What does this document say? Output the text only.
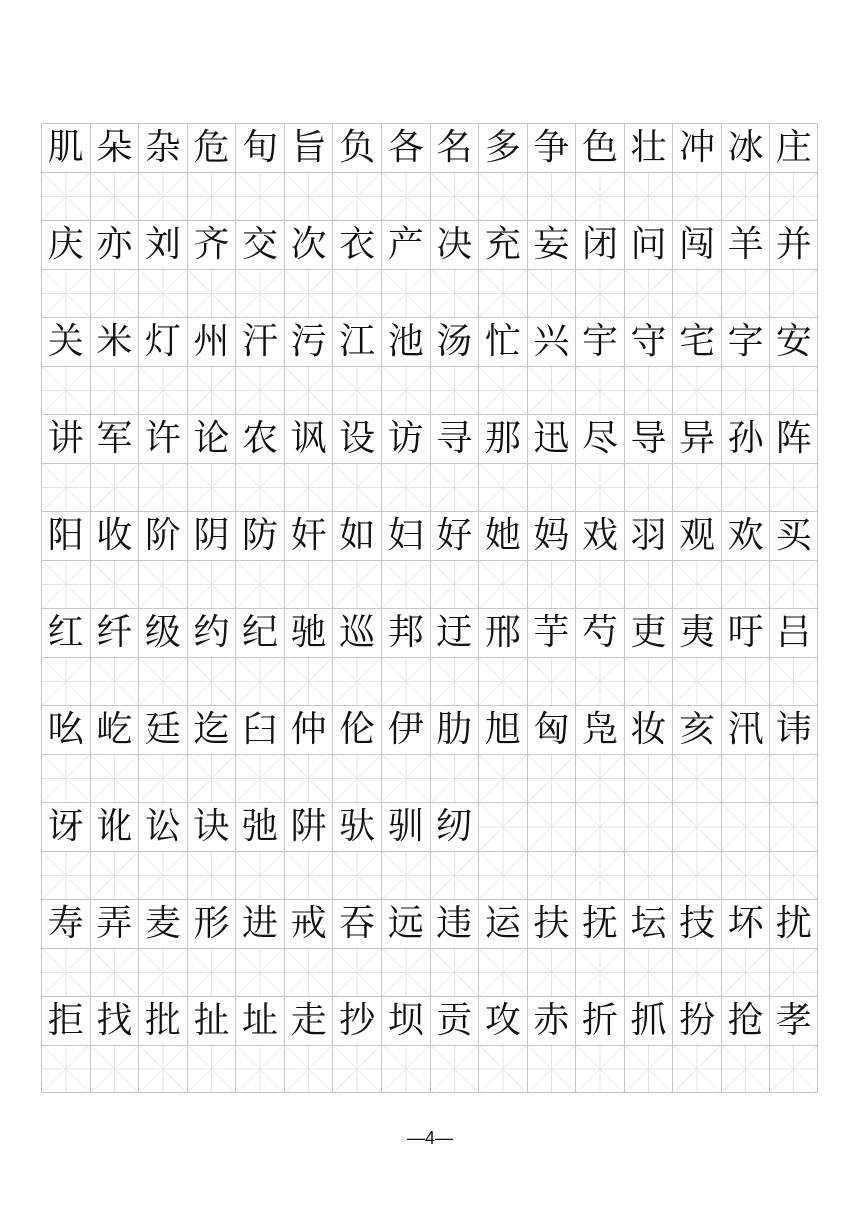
肌 朵 杂 危 旬 旨 负 各 名 多 争 色 壮 冲 冰 庄
庆 亦 刘 齐 交 次 衣 产 决 充 妄 闭 问 闯 羊 并
关 米 灯 州 汗 污 江 池 汤 忙 兴 宇 守 宅 字 安
讲 军 许 论 农 讽 设 访 寻 那 迅 尽 导 异 孙 阵
阳 收 阶 阴 防 奸 如 妇 好 她 妈 戏 羽 观 欢 买
红 纤 级 约 纪 驰 巡 邦 迂 邢 芋 芍 吏 夷 吁 吕
吆 屹 廷 迄 臼 仲 伦 伊 肋 旭 匈 凫 妆 亥 汛 讳
讶 讹 讼 诀 弛 阱 驮 驯 纫
寿 弄 麦 形 进 戒 吞 远 违 运 扶 抚 坛 技 坏 扰
拒 找 批 扯 址 走 抄 坝 贡 攻 赤 折 抓 扮 抢 孝
—4—
